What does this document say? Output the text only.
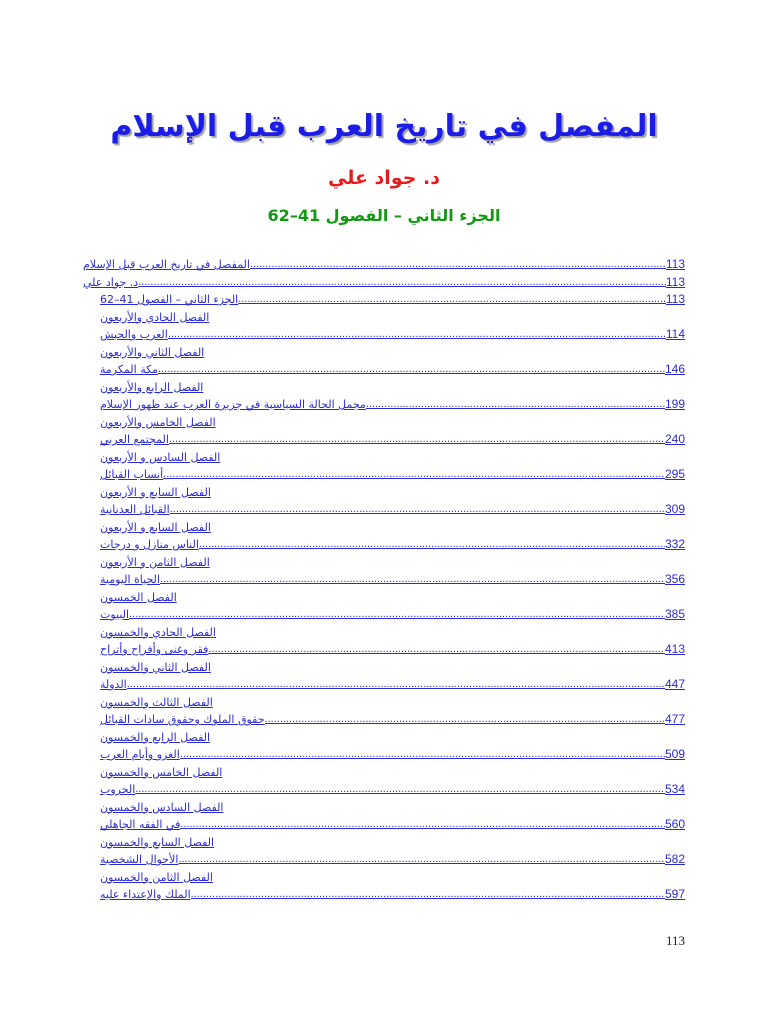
المفصل في تاريخ العرب قبل الإسلام
د. جواد علي
الجزء الثاني – الفصول 41–62
المفصل في تاريخ العرب قبل الإسلام .....	113
د. جواد علي .....	113
الجزء الثاني – الفصول 41–62 .....	113
الفصل الحادي والأربعون
العرب والحبش .....	114
الفصل الثاني والأربعون
مكة المكرمة .....	146
الفصل الرابع والأربعون
مجمل الحالة السياسية في جزيرة العرب عند ظهور الإسلام .....	199
الفصل الخامس والأربعون
المجتمع العربي .....	240
الفصل السادس و الأربعون
أنساب القبائل .....	295
الفصل السابع و الأربعون
القبائل العدنانية .....	309
الفصل السابع و الأربعون
الناس منازل و درجات .....	332
الفصل الثامن و الأربعون
الحياة اليومية .....	356
الفصل الخمسون
البيوت .....	385
الفصل الحادي والخمسون
فقر وغنى وأفراح وأتراح .....	413
الفصل الثاني والخمسون
الدولة .....	447
الفصل الثالث والخمسون
حقوق الملوك وحقوق سادات القبائل .....	477
الفصل الرابع والخمسون
الغزو وأيام العرب .....	509
الفصل الخامس والخمسون
الحروب .....	534
الفصل السادس والخمسون
في الفقه الجاهلي .....	560
الفصل السابع والخمسون
الأحوال الشخصية .....	582
الفصل الثامن والخمسون
الملك والإعتداء عليه .....	597
113
